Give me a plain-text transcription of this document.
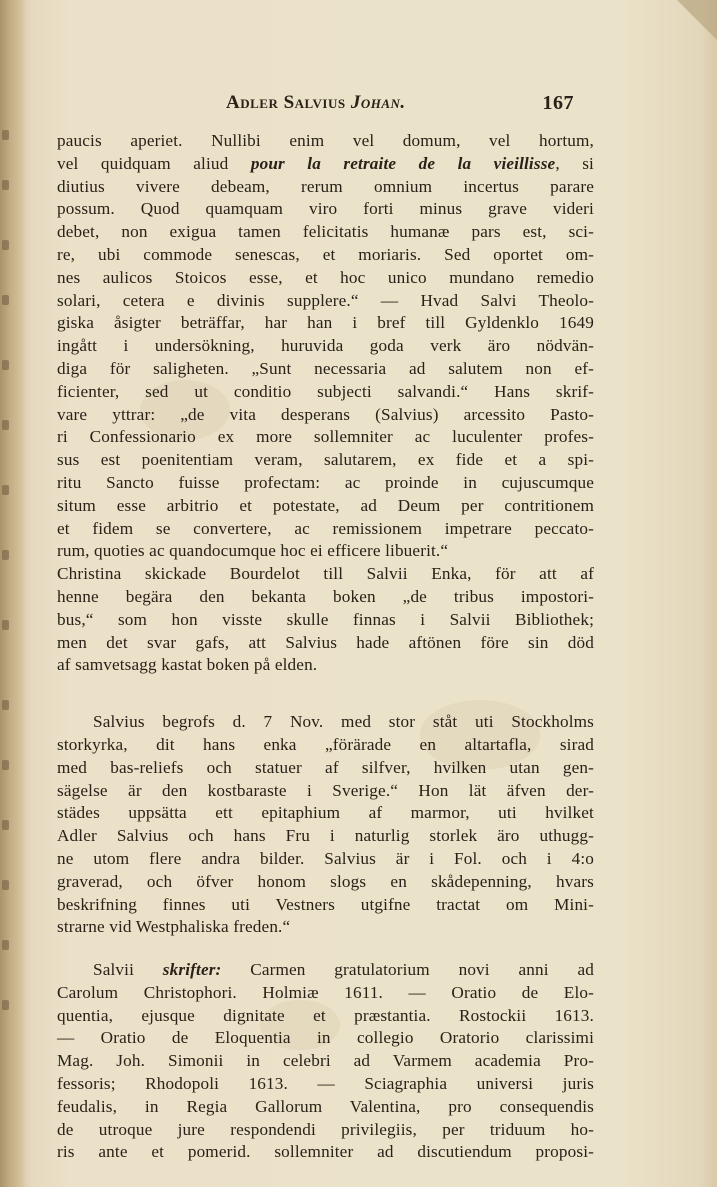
Adler Salvius Johan.	167
paucis aperiet. Nullibi enim vel domum, vel hortum,
vel quidquam aliud pour la retraite de la vieillisse, si
diutius vivere debeam, rerum omnium incertus parare
possum. Quod quamquam viro forti minus grave videri
debet, non exigua tamen felicitatis humanæ pars est, sci-
re, ubi commode senescas, et moriaris. Sed oportet om-
nes aulicos Stoicos esse, et hoc unico mundano remedio
solari, cetera e divinis supplere.“ — Hvad Salvi Theolo-
giska åsigter beträffar, har han i bref till Gyldenklo 1649
ingått i undersökning, huruvida goda verk äro nödvän-
diga för saligheten. „Sunt necessaria ad salutem non ef-
ficienter, sed ut conditio subjecti salvandi.“ Hans skrif-
vare yttrar: „de vita desperans (Salvius) arcessito Pasto-
ri Confessionario ex more sollemniter ac luculenter profes-
sus est poenitentiam veram, salutarem, ex fide et a spi-
ritu Sancto fuisse profectam: ac proinde in cujuscumque
situm esse arbitrio et potestate, ad Deum per contritionem
et fidem se convertere, ac remissionem impetrare peccato-
rum, quoties ac quandocumque hoc ei efficere libuerit.“
Christina skickade Bourdelot till Salvii Enka, för att af
henne begära den bekanta boken „de tribus impostori-
bus,“ som hon visste skulle finnas i Salvii Bibliothek;
men det svar gafs, att Salvius hade aftönen före sin död
af samvetsagg kastat boken på elden.
Salvius begrofs d. 7 Nov. med stor ståt uti Stockholms
storkyrka, dit hans enka „förärade en altartafla, sirad
med bas-reliefs och statuer af silfver, hvilken utan gen-
sägelse är den kostbaraste i Sverige.“ Hon lät äfven der-
städes uppsätta ett epitaphium af marmor, uti hvilket
Adler Salvius och hans Fru i naturlig storlek äro uthugg-
ne utom flere andra bilder. Salvius är i Fol. och i 4:o
graverad, och öfver honom slogs en skådepenning, hvars
beskrifning finnes uti Vestners utgifne tractat om Mini-
strarne vid Westphaliska freden.“
Salvii skrifter: Carmen gratulatorium novi anni ad
Carolum Christophori. Holmiæ 1611. — Oratio de Elo-
quentia, ejusque dignitate et præstantia. Rostockii 1613.
— Oratio de Eloquentia in collegio Oratorio clarissimi
Mag. Joh. Simonii in celebri ad Varmem academia Pro-
fessoris; Rhodopoli 1613. — Sciagraphia universi juris
feudalis, in Regia Gallorum Valentina, pro consequendis
de utroque jure respondendi privilegiis, per triduum ho-
ris ante et pomerid. sollemniter ad discutiendum proposi-
